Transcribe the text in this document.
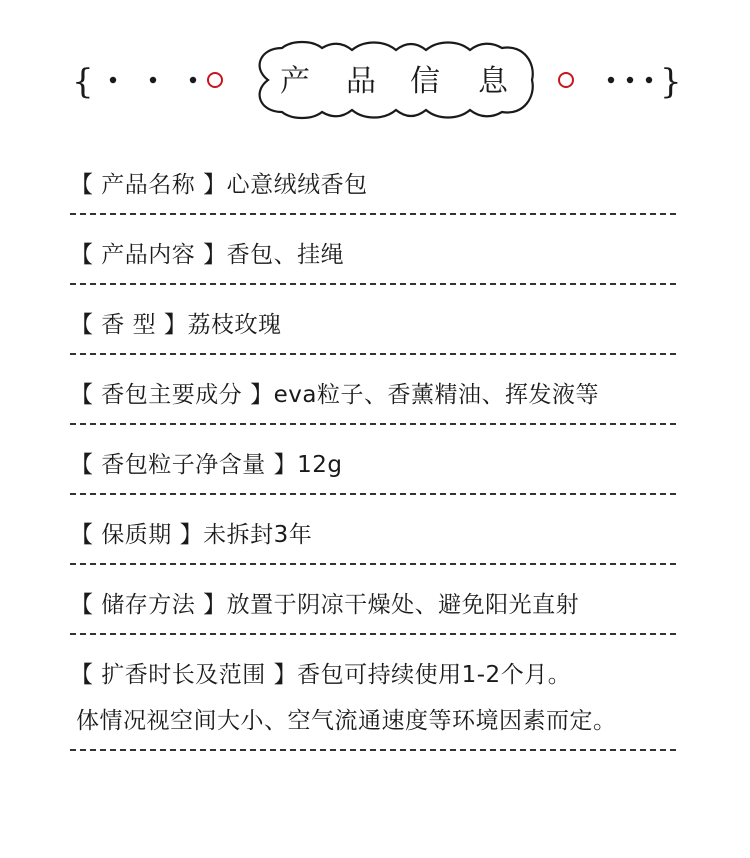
{	产 品 信 息	}
【 产品名称 】心意绒绒香包
【 产品内容 】香包、挂绳
【 香 型 】荔枝玫瑰
【 香包主要成分 】eva粒子、香薰精油、挥发液等
【 香包粒子净含量 】12g
【 保质期 】未拆封3年
【 储存方法 】放置于阴凉干燥处、避免阳光直射
【 扩香时长及范围 】香包可持续使用1-2个月。
体情况视空间大小、空气流通速度等环境因素而定。
